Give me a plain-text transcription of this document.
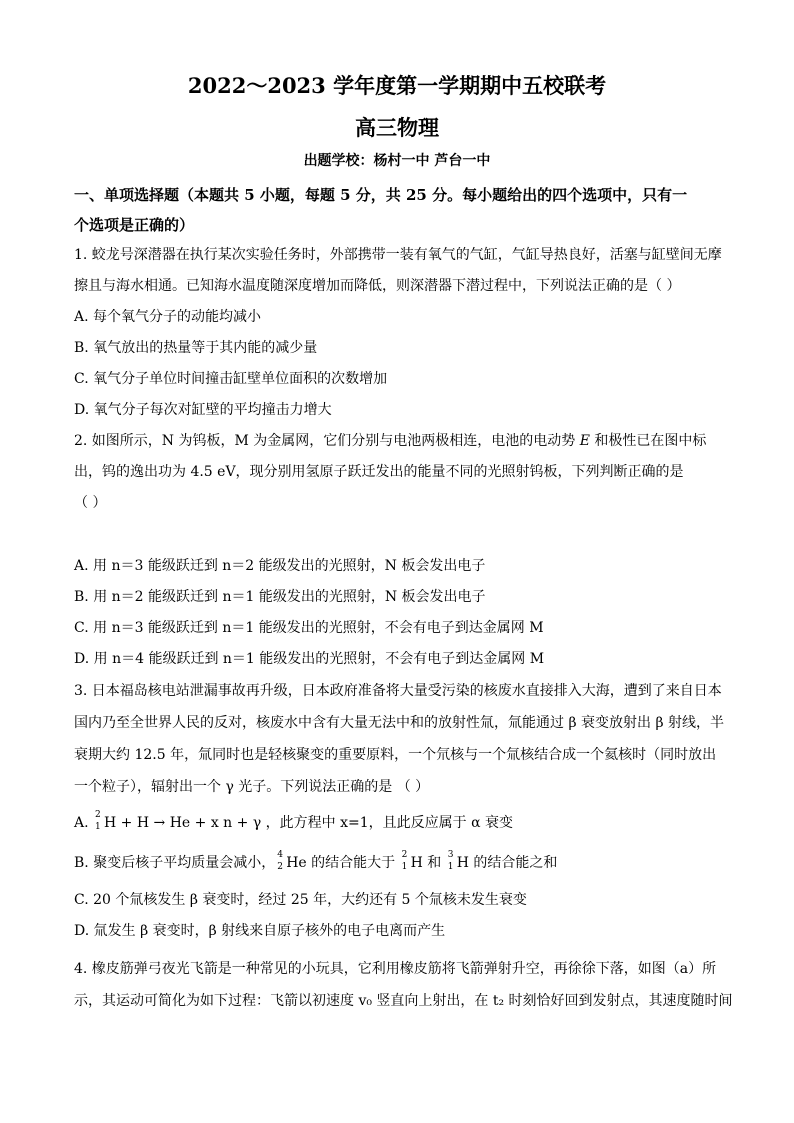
2022～2023 学年度第一学期期中五校联考
高三物理
出题学校：杨村一中 芦台一中
一、单项选择题（本题共 5 小题，每题 5 分，共 25 分。每小题给出的四个选项中，只有一
个选项是正确的）
1. 蛟龙号深潜器在执行某次实验任务时，外部携带一装有氧气的气缸，气缸导热良好，活塞与缸壁间无摩
擦且与海水相通。已知海水温度随深度增加而降低，则深潜器下潜过程中，下列说法正确的是（ ）
A. 每个氧气分子的动能均减小
B. 氧气放出的热量等于其内能的减少量
C. 氧气分子单位时间撞击缸壁单位面积的次数增加
D. 氧气分子每次对缸壁的平均撞击力增大
2. 如图所示，N 为钨板，M 为金属网，它们分别与电池两极相连，电池的电动势 E 和极性已在图中标
出，钨的逸出功为 4.5 eV，现分别用氢原子跃迁发出的能量不同的光照射钨板，下列判断正确的是
（ ）
A. 用 n＝3 能级跃迁到 n＝2 能级发出的光照射，N 板会发出电子
B. 用 n＝2 能级跃迁到 n＝1 能级发出的光照射，N 板会发出电子
C. 用 n＝3 能级跃迁到 n＝1 能级发出的光照射，不会有电子到达金属网 M
D. 用 n＝4 能级跃迁到 n＝1 能级发出的光照射，不会有电子到达金属网 M
3. 日本福岛核电站泄漏事故再升级，日本政府准备将大量受污染的核废水直接排入大海，遭到了来自日本
国内乃至全世界人民的反对，核废水中含有大量无法中和的放射性氚，氚能通过 β 衰变放射出 β 射线，半
衰期大约 12.5 年，氚同时也是轻核聚变的重要原料，一个氘核与一个氚核结合成一个氦核时（同时放出
一个粒子），辐射出一个 γ 光子。下列说法正确的是 （ ）
A. 2
1 H + H → He + x n + γ ，此方程中 x=1，且此反应属于 α 衰变
B. 聚变后核子平均质量会减小， 4
2 He 的结合能大于 2
1 H 和 3
1 H 的结合能之和
C. 20 个氚核发生 β 衰变时，经过 25 年，大约还有 5 个氚核未发生衰变
D. 氚发生 β 衰变时，β 射线来自原子核外的电子电离而产生
4. 橡皮筋弹弓夜光飞箭是一种常见的小玩具，它利用橡皮筋将飞箭弹射升空，再徐徐下落，如图（a）所
示，其运动可简化为如下过程：飞箭以初速度 v₀ 竖直向上射出，在 t₂ 时刻恰好回到发射点，其速度随时间
